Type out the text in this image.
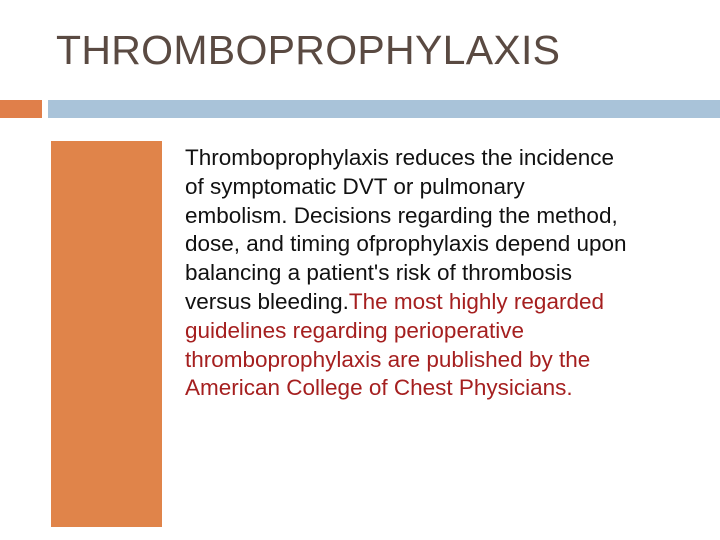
THROMBOPROPHYLAXIS
Thromboprophylaxis reduces the incidence of symptomatic DVT or pulmonary embolism. Decisions regarding the method, dose, and timing ofprophylaxis depend upon balancing a patient's risk of thrombosis versus bleeding.The most highly regarded guidelines regarding perioperative thromboprophylaxis are published by the American College of Chest Physicians.
